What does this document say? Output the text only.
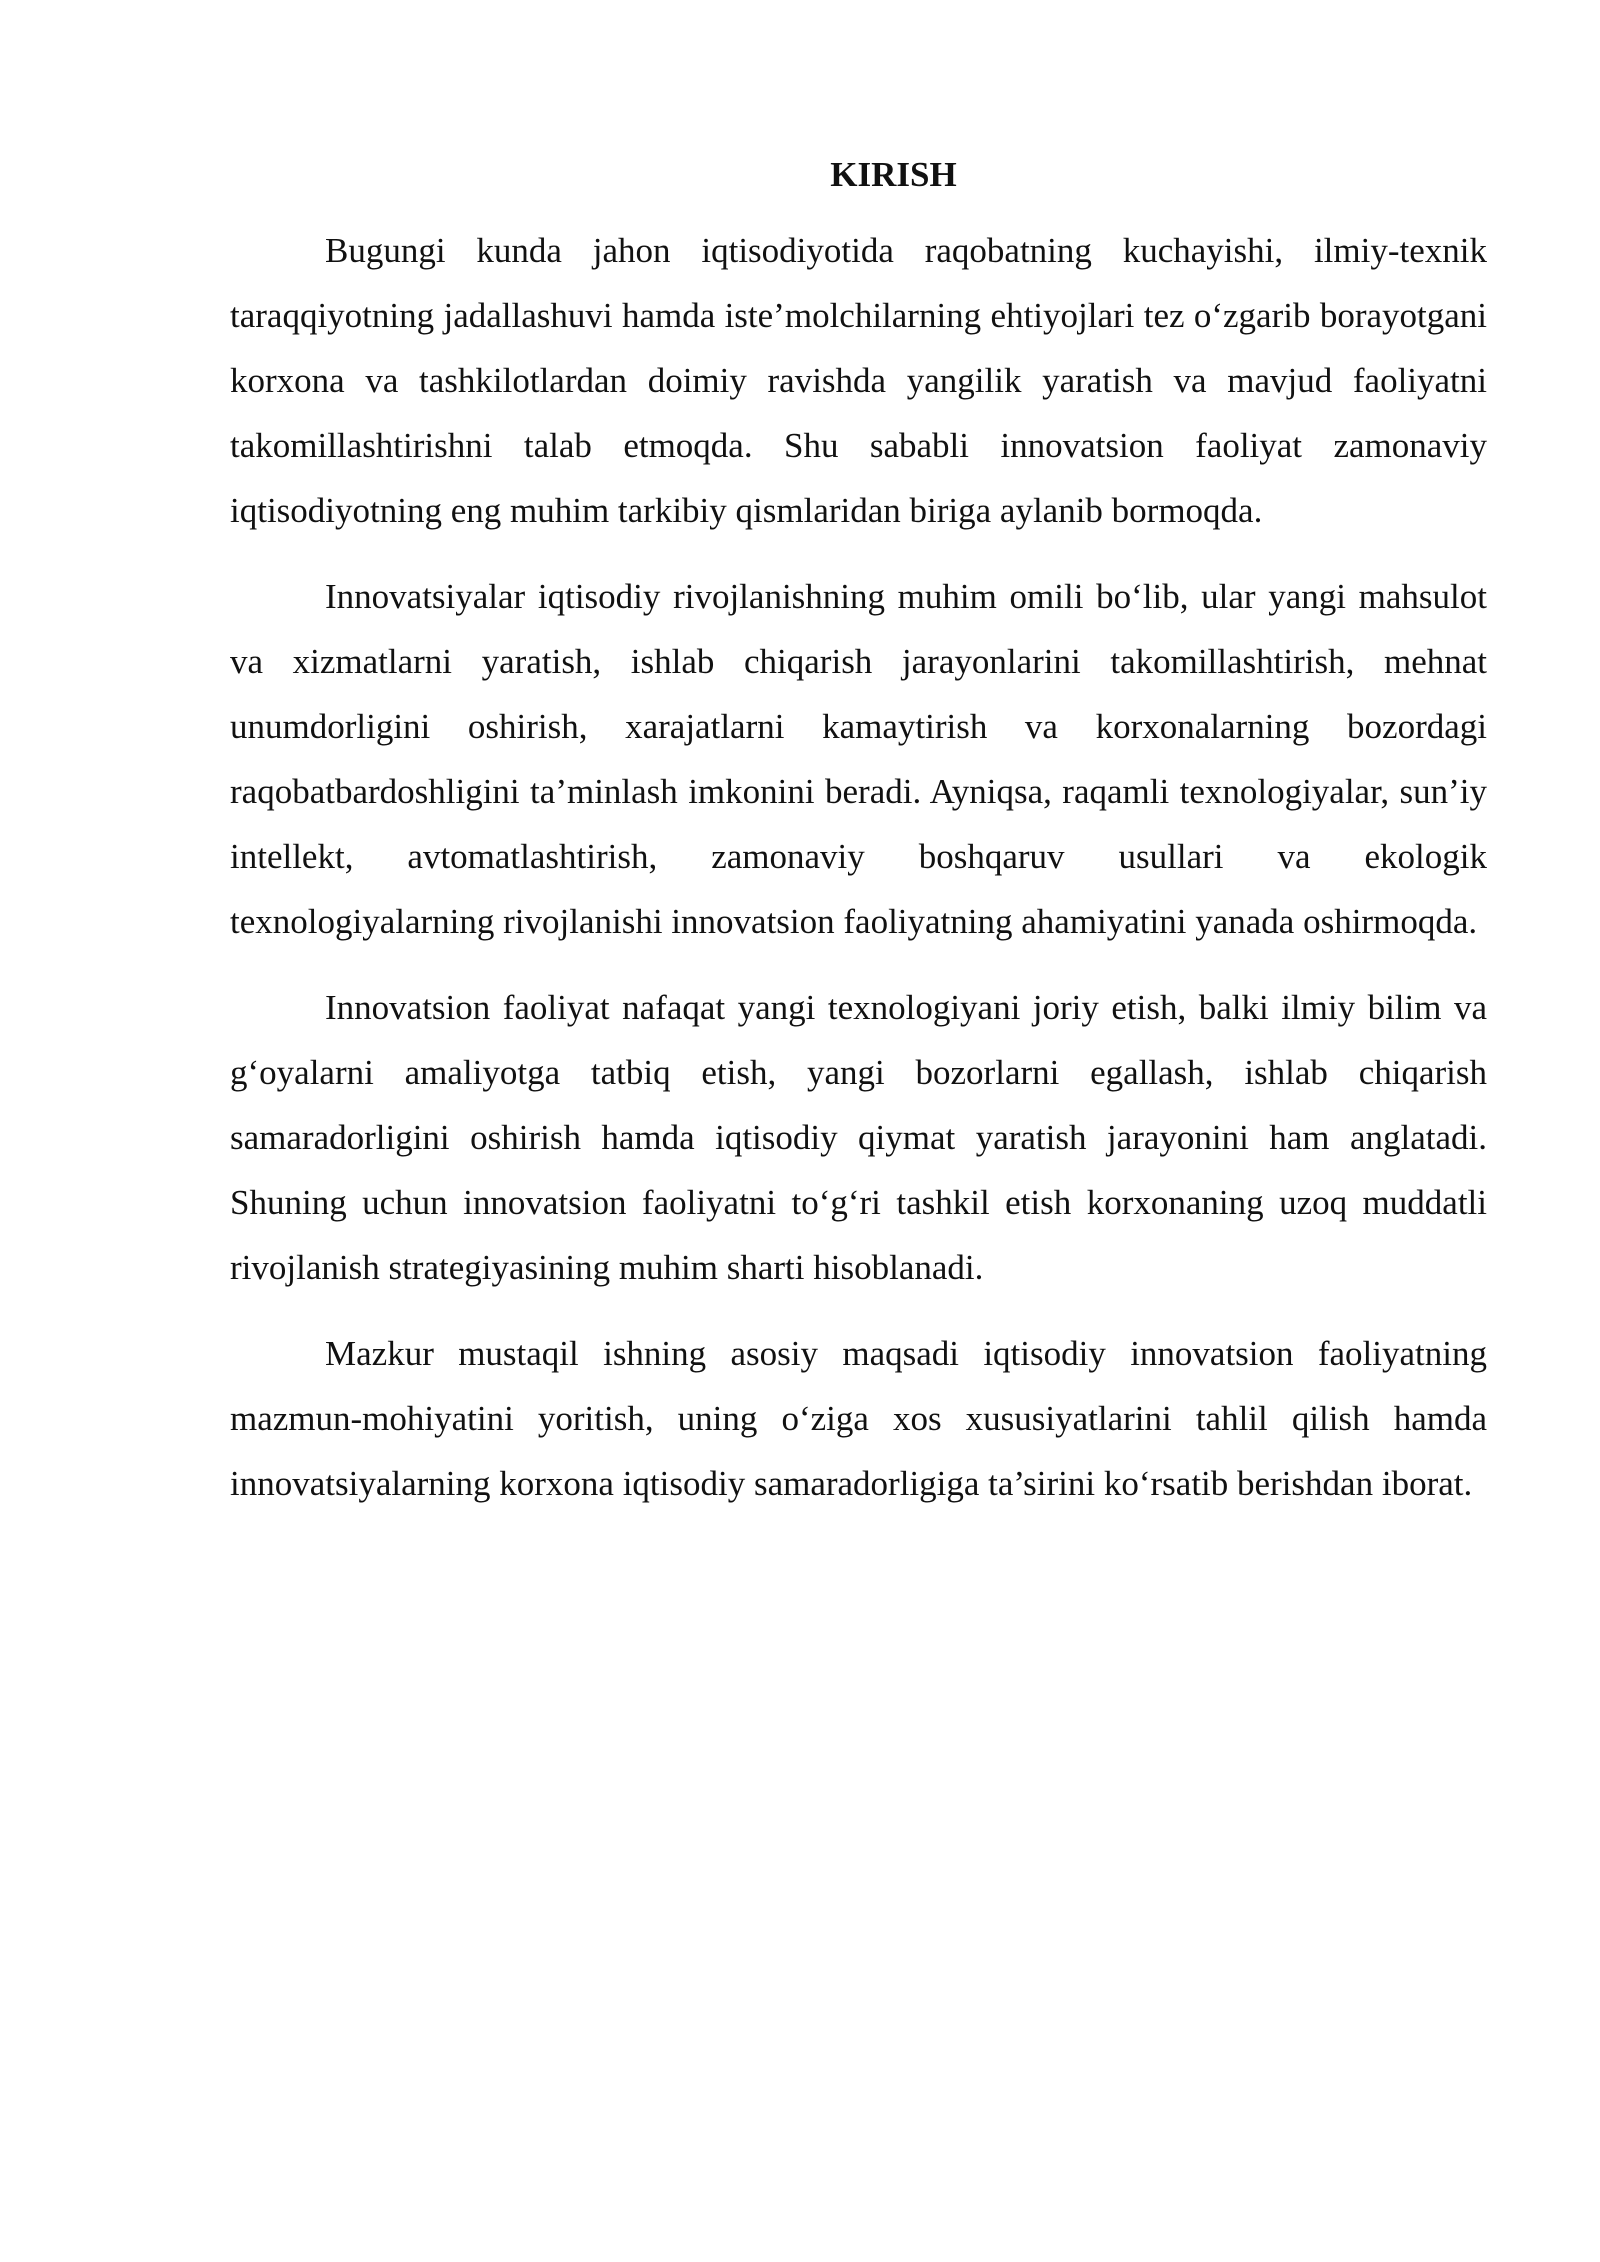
KIRISH

Bugungi kunda jahon iqtisodiyotida raqobatning kuchayishi, ilmiy-texnik taraqqiyotning jadallashuvi hamda iste’molchilarning ehtiyojlari tez o‘zgarib borayotgani korxona va tashkilotlardan doimiy ravishda yangilik yaratish va mavjud faoliyatni takomillashtirishni talab etmoqda. Shu sababli innovatsion faoliyat zamonaviy iqtisodiyotning eng muhim tarkibiy qismlaridan biriga aylanib bormoqda.

Innovatsiyalar iqtisodiy rivojlanishning muhim omili bo‘lib, ular yangi mahsulot va xizmatlarni yaratish, ishlab chiqarish jarayonlarini takomillashtirish, mehnat unumdorligini oshirish, xarajatlarni kamaytirish va korxonalarning bozordagi raqobatbardoshligini ta’minlash imkonini beradi. Ayniqsa, raqamli texnologiyalar, sun’iy intellekt, avtomatlashtirish, zamonaviy boshqaruv usullari va ekologik texnologiyalarning rivojlanishi innovatsion faoliyatning ahamiyatini yanada oshirmoqda.

Innovatsion faoliyat nafaqat yangi texnologiyani joriy etish, balki ilmiy bilim va g‘oyalarni amaliyotga tatbiq etish, yangi bozorlarni egallash, ishlab chiqarish samaradorligini oshirish hamda iqtisodiy qiymat yaratish jarayonini ham anglatadi. Shuning uchun innovatsion faoliyatni to‘g‘ri tashkil etish korxonaning uzoq muddatli rivojlanish strategiyasining muhim sharti hisoblanadi.

Mazkur mustaqil ishning asosiy maqsadi iqtisodiy innovatsion faoliyatning mazmun-mohiyatini yoritish, uning o‘ziga xos xususiyatlarini tahlil qilish hamda innovatsiyalarning korxona iqtisodiy samaradorligiga ta’sirini ko‘rsatib berishdan iborat.
